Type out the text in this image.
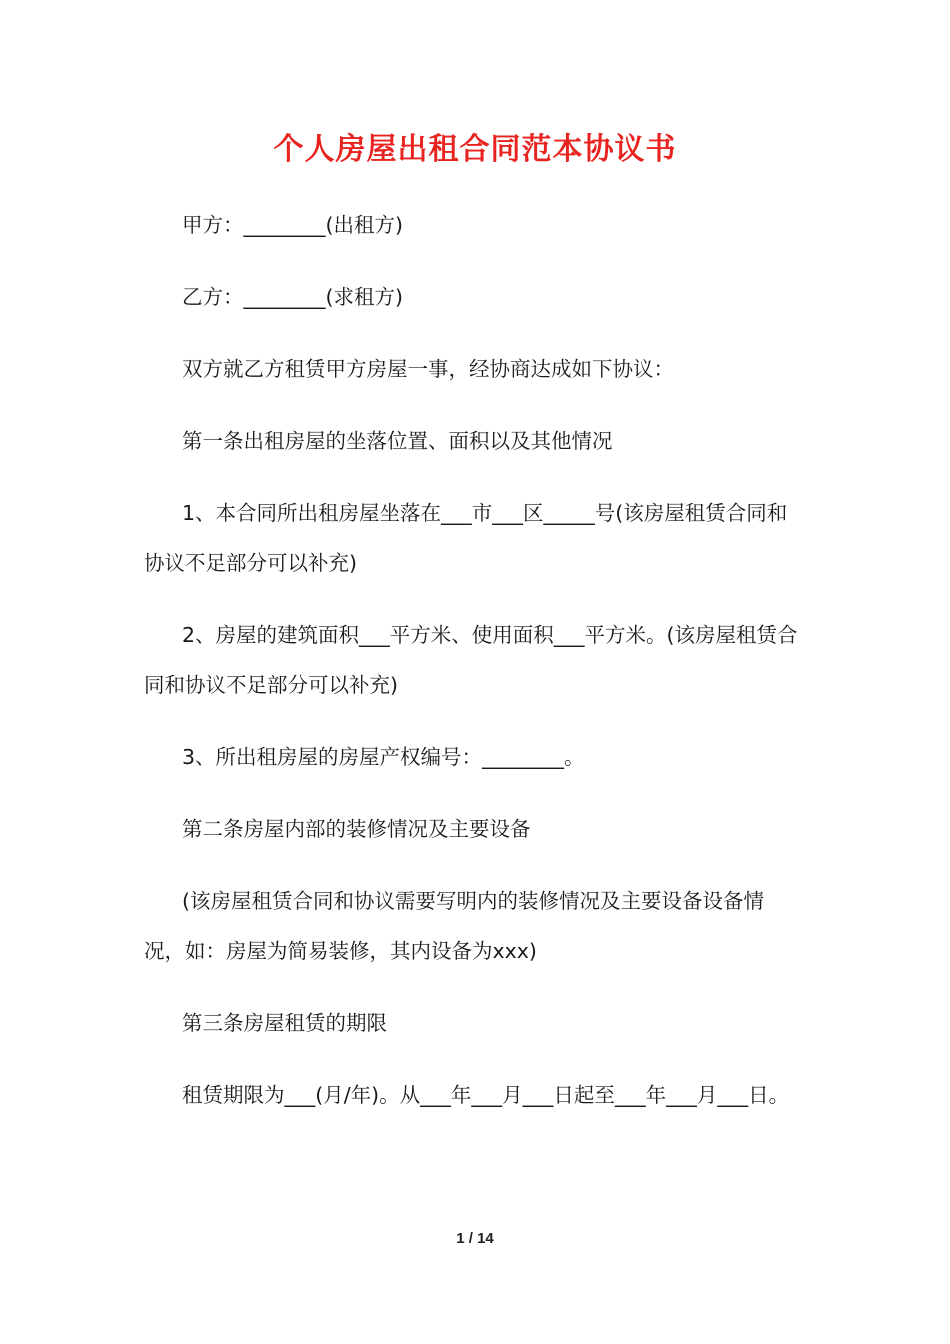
个人房屋出租合同范本协议书

甲方：________(出租方)

乙方：________(求租方)

双方就乙方租赁甲方房屋一事，经协商达成如下协议：

第一条出租房屋的坐落位置、面积以及其他情况

1、本合同所出租房屋坐落在___市___区_____号(该房屋租赁合同和协议不足部分可以补充)

2、房屋的建筑面积___平方米、使用面积___平方米。(该房屋租赁合同和协议不足部分可以补充)

3、所出租房屋的房屋产权编号：________。

第二条房屋内部的装修情况及主要设备

(该房屋租赁合同和协议需要写明内的装修情况及主要设备设备情况，如：房屋为简易装修，其内设备为xxx)

第三条房屋租赁的期限

租赁期限为___(月/年)。从___年___月___日起至___年___月___日。

1 / 14
